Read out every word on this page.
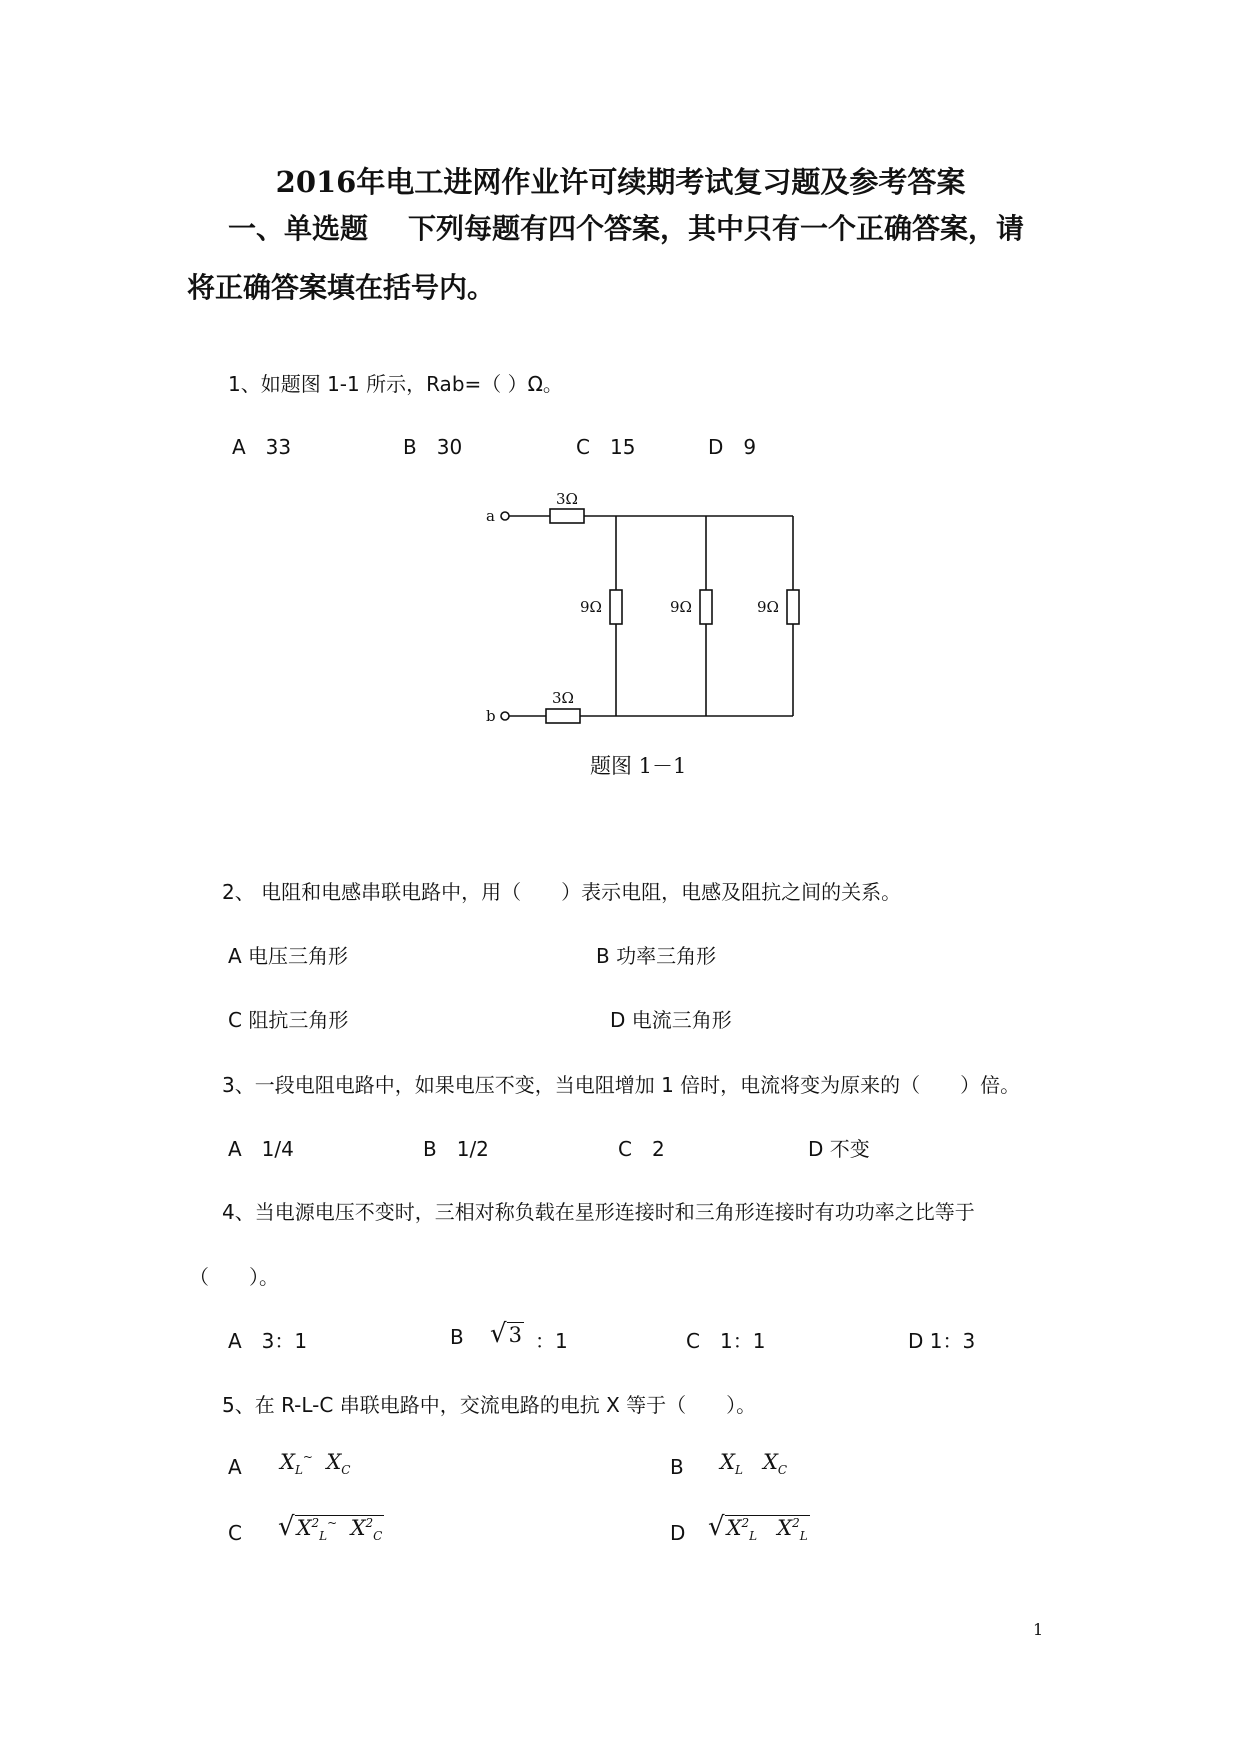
2016年电工进网作业许可续期考试复习题及参考答案
一、单选题 下列每题有四个答案，其中只有一个正确答案，请
将正确答案填在括号内。
1、如题图 1-1 所示，Rab=（ ）Ω。
A　33	B　30	C　15	D　9
a
b
3Ω
3Ω
9Ω	9Ω	9Ω
题图 1－1
2、 电阻和电感串联电路中，用（　　）表示电阻，电感及阻抗之间的关系。
A 电压三角形	B 功率三角形
C 阻抗三角形	D 电流三角形
3、一段电阻电路中，如果电压不变，当电阻增加 1 倍时，电流将变为原来的（　　）倍。
A　1/4	B　1/2	C　2	D 不变
4、当电源电压不变时，三相对称负载在星形连接时和三角形连接时有功功率之比等于
（　　）。
A　3：1	B √3 ：1	C　1：1	D 1：3
5、在 R-L-C 串联电路中，交流电路的电抗 X 等于（　　）。
A $X_L^\sim$ $X_C$	B $X_L$ $X_C$
C $√X^2_L^\sim$ $X^2_C$	D $√X^2_L$ $X^2_L$
1
